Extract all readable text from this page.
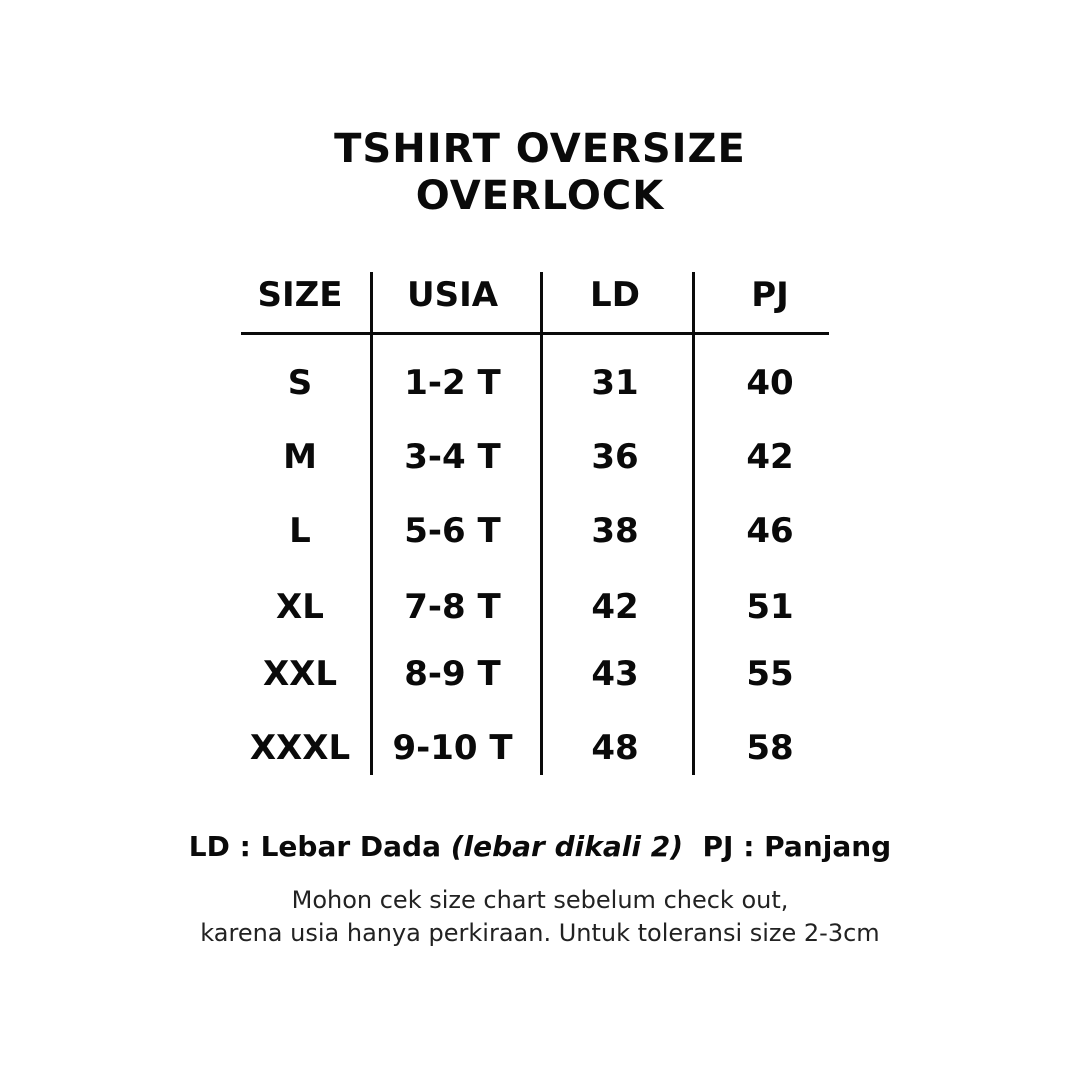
TSHIRT OVERSIZE
OVERLOCK
SIZE	USIA	LD	PJ
S	1-2 T	31	40
M	3-4 T	36	42
L	5-6 T	38	46
XL	7-8 T	42	51
XXL	8-9 T	43	55
XXXL	9-10 T	48	58
LD : Lebar Dada (lebar dikali 2) PJ : Panjang
Mohon cek size chart sebelum check out,
karena usia hanya perkiraan. Untuk toleransi size 2-3cm
